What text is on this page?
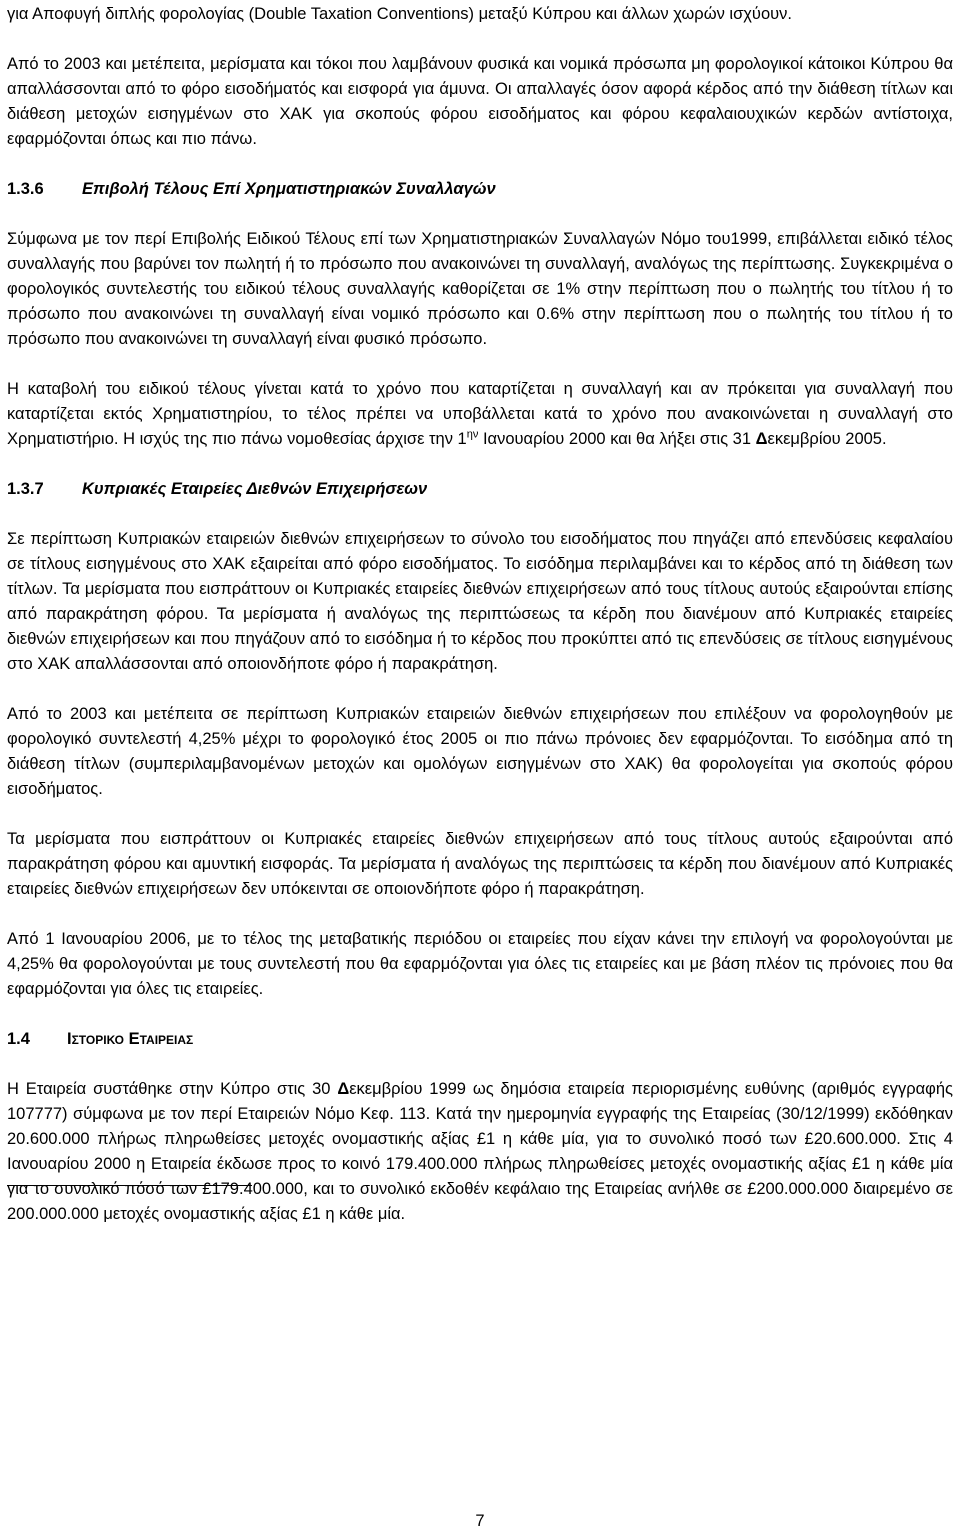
για Αποφυγή διπλής φορολογίας (Double Taxation Conventions) μεταξύ Κύπρου και άλλων χωρών ισχύουν.

Από το 2003 και μετέπειτα, μερίσματα και τόκοι που λαμβάνουν φυσικά και νομικά πρόσωπα μη φορολογικοί κάτοικοι Κύπρου θα απαλλάσσονται από το φόρο εισοδήματός και εισφορά για άμυνα. Οι απαλλαγές όσον αφορά κέρδος από την διάθεση τίτλων και διάθεση μετοχών εισηγμένων στο ΧΑΚ για σκοπούς φόρου εισοδήματος και φόρου κεφαλαιουχικών κερδών αντίστοιχα, εφαρμόζονται όπως και πιο πάνω.

1.3.6 Επιβολή Τέλους Επί Χρηματιστηριακών Συναλλαγών

Σύμφωνα με τον περί Επιβολής Ειδικού Τέλους επί των Χρηματιστηριακών Συναλλαγών Νόμο του1999, επιβάλλεται ειδικό τέλος συναλλαγής που βαρύνει τον πωλητή ή το πρόσωπο που ανακοινώνει τη συναλλαγή, αναλόγως της περίπτωσης. Συγκεκριμένα ο φορολογικός συντελεστής του ειδικού τέλους συναλλαγής καθορίζεται σε 1% στην περίπτωση που ο πωλητής του τίτλου ή το πρόσωπο που ανακοινώνει τη συναλλαγή είναι νομικό πρόσωπο και 0.6% στην περίπτωση που ο πωλητής του τίτλου ή το πρόσωπο που ανακοινώνει τη συναλλαγή είναι φυσικό πρόσωπο.

Η καταβολή του ειδικού τέλους γίνεται κατά το χρόνο που καταρτίζεται η συναλλαγή και αν πρόκειται για συναλλαγή που καταρτίζεται εκτός Χρηματιστηρίου, το τέλος πρέπει να υποβάλλεται κατά το χρόνο που ανακοινώνεται η συναλλαγή στο Χρηματιστήριο. Η ισχύς της πιο πάνω νομοθεσίας άρχισε την $1^{\eta\nu}$ Ιανουαρίου 2000 και θα λήξει στις 31 Δεκεμβρίου 2005.

1.3.7 Κυπριακές Εταιρείες Διεθνών Επιχειρήσεων

Σε περίπτωση Κυπριακών εταιρειών διεθνών επιχειρήσεων το σύνολο του εισοδήματος που πηγάζει από επενδύσεις κεφαλαίου σε τίτλους εισηγμένους στο ΧΑΚ εξαιρείται από φόρο εισοδήματος. Το εισόδημα περιλαμβάνει και το κέρδος από τη διάθεση των τίτλων. Τα μερίσματα που εισπράττουν οι Κυπριακές εταιρείες διεθνών επιχειρήσεων από τους τίτλους αυτούς εξαιρούνται επίσης από παρακράτηση φόρου. Τα μερίσματα ή αναλόγως της περιπτώσεως τα κέρδη που διανέμουν από Κυπριακές εταιρείες διεθνών επιχειρήσεων και που πηγάζουν από το εισόδημα ή το κέρδος που προκύπτει από τις επενδύσεις σε τίτλους εισηγμένους στο ΧΑΚ απαλλάσσονται από οποιονδήποτε φόρο ή παρακράτηση.

Από το 2003 και μετέπειτα σε περίπτωση Κυπριακών εταιρειών διεθνών επιχειρήσεων που επιλέξουν να φορολογηθούν με φορολογικό συντελεστή 4,25% μέχρι το φορολογικό έτος 2005 οι πιο πάνω πρόνοιες δεν εφαρμόζονται. Το εισόδημα από τη διάθεση τίτλων (συμπεριλαμβανομένων μετοχών και ομολόγων εισηγμένων στο ΧΑΚ) θα φορολογείται για σκοπούς φόρου εισοδήματος.

Τα μερίσματα που εισπράττουν οι Κυπριακές εταιρείες διεθνών επιχειρήσεων από τους τίτλους αυτούς εξαιρούνται από παρακράτηση φόρου και αμυντική εισφοράς. Τα μερίσματα ή αναλόγως της περιπτώσεις τα κέρδη που διανέμουν από Κυπριακές εταιρείες διεθνών επιχειρήσεων δεν υπόκεινται σε οποιονδήποτε φόρο ή παρακράτηση.

Από 1 Ιανουαρίου 2006, με το τέλος της μεταβατικής περιόδου οι εταιρείες που είχαν κάνει την επιλογή να φορολογούνται με 4,25% θα φορολογούνται με τους συντελεστή που θα εφαρμόζονται για όλες τις εταιρείες και με βάση πλέον τις πρόνοιες που θα εφαρμόζονται για όλες τις εταιρείες.

1.4 Ιστορικο Εταιρειασ

Η Εταιρεία συστάθηκε στην Κύπρο στις 30 Δεκεμβρίου 1999 ως δημόσια εταιρεία περιορισμένης ευθύνης (αριθμός εγγραφής 107777) σύμφωνα με τον περί Εταιρειών Νόμο Κεφ. 113. Κατά την ημερομηνία εγγραφής της Εταιρείας (30/12/1999) εκδόθηκαν 20.600.000 πλήρως πληρωθείσες μετοχές ονομαστικής αξίας £1 η κάθε μία, για το συνολικό ποσό των £20.600.000. Στις 4 Ιανουαρίου 2000 η Εταιρεία έκδωσε προς το κοινό 179.400.000 πλήρως πληρωθείσες μετοχές ονομαστικής αξίας £1 η κάθε μία για το συνολικό πόσό των £179.400.000, και το συνολικό εκδοθέν κεφάλαιο της Εταιρείας ανήλθε σε £200.000.000 διαιρεμένο σε 200.000.000 μετοχές ονομαστικής αξίας £1 η κάθε μία.

7
